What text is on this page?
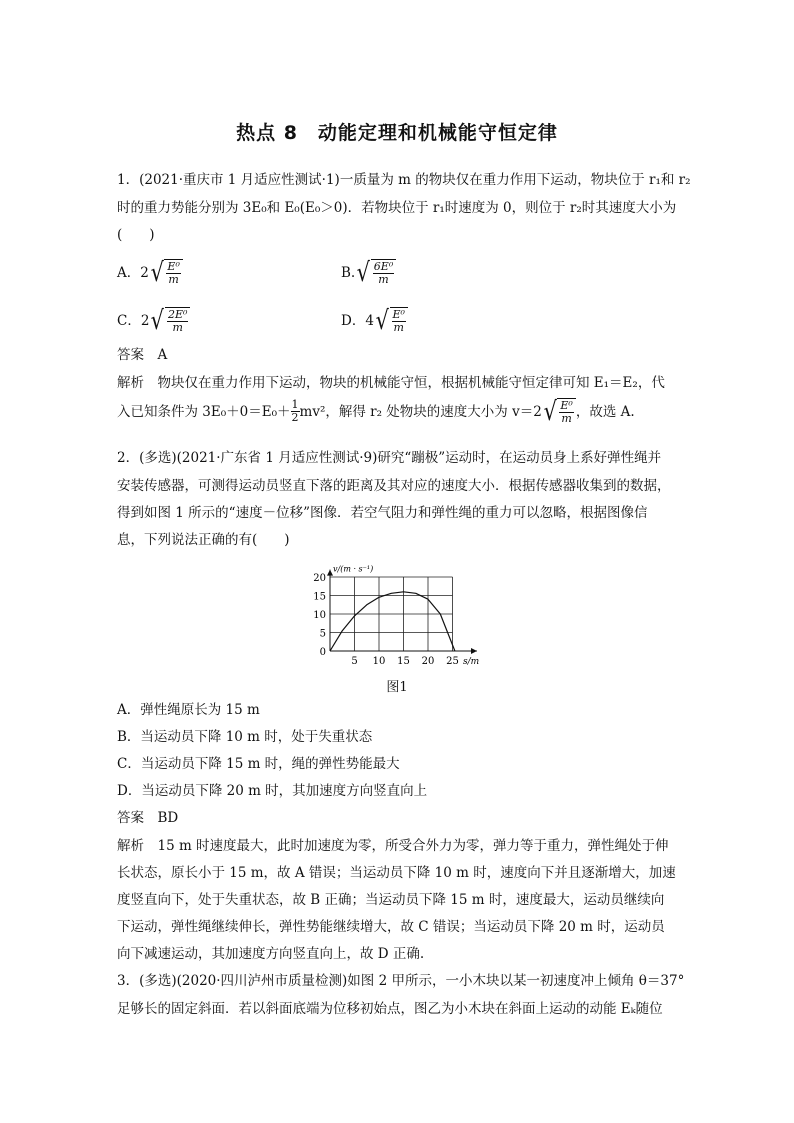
热点 8　动能定理和机械能守恒定律
1．(2021·重庆市 1 月适应性测试·1)一质量为 m 的物块仅在重力作用下运动，物块位于 r₁和 r₂
时的重力势能分别为 3E₀和 E₀(E₀＞0)．若物块位于 r₁时速度为 0，则位于 r₂时其速度大小为
(　　)
A．2 √ $\frac{\text{E⁰}}{m}$	B. √ $\frac{\text{6E⁰}}{m}$
C．2 √ $\frac{\text{2E⁰}}{m}$	D．4 √ $\frac{\text{E⁰}}{m}$
答案　A
解析　物块仅在重力作用下运动，物块的机械能守恒，根据机械能守恒定律可知 E₁＝E₂，代
入已知条件为 $3E_0+0=E_0+ \frac{1}{2} mv^2$，解得 r₂ 处物块的速度大小为 v＝2 √ $\frac{\text{E⁰}}{m}$ ，故选 A.
2．(多选)(2021·广东省 1 月适应性测试·9)研究“蹦极”运动时，在运动员身上系好弹性绳并
安装传感器，可测得运动员竖直下落的距离及其对应的速度大小．根据传感器收集到的数据，
得到如图 1 所示的“速度－位移”图像．若空气阻力和弹性绳的重力可以忽略，根据图像信
息，下列说法正确的有(　　)
5 10 15 20 25
5
10
15
20
0
v/(m · s⁻¹)
s/m
图1
A．弹性绳原长为 15 m
B．当运动员下降 10 m 时，处于失重状态
C．当运动员下降 15 m 时，绳的弹性势能最大
D．当运动员下降 20 m 时，其加速度方向竖直向上
答案　BD
解析　15 m 时速度最大，此时加速度为零，所受合外力为零，弹力等于重力，弹性绳处于伸
长状态，原长小于 15 m，故 A 错误；当运动员下降 10 m 时，速度向下并且逐渐增大，加速
度竖直向下，处于失重状态，故 B 正确；当运动员下降 15 m 时，速度最大，运动员继续向
下运动，弹性绳继续伸长，弹性势能继续增大，故 C 错误；当运动员下降 20 m 时，运动员
向下减速运动，其加速度方向竖直向上，故 D 正确.
3．(多选)(2020·四川泸州市质量检测)如图 2 甲所示，一小木块以某一初速度冲上倾角 θ＝37°
足够长的固定斜面．若以斜面底端为位移初始点，图乙为小木块在斜面上运动的动能 Eₖ随位
